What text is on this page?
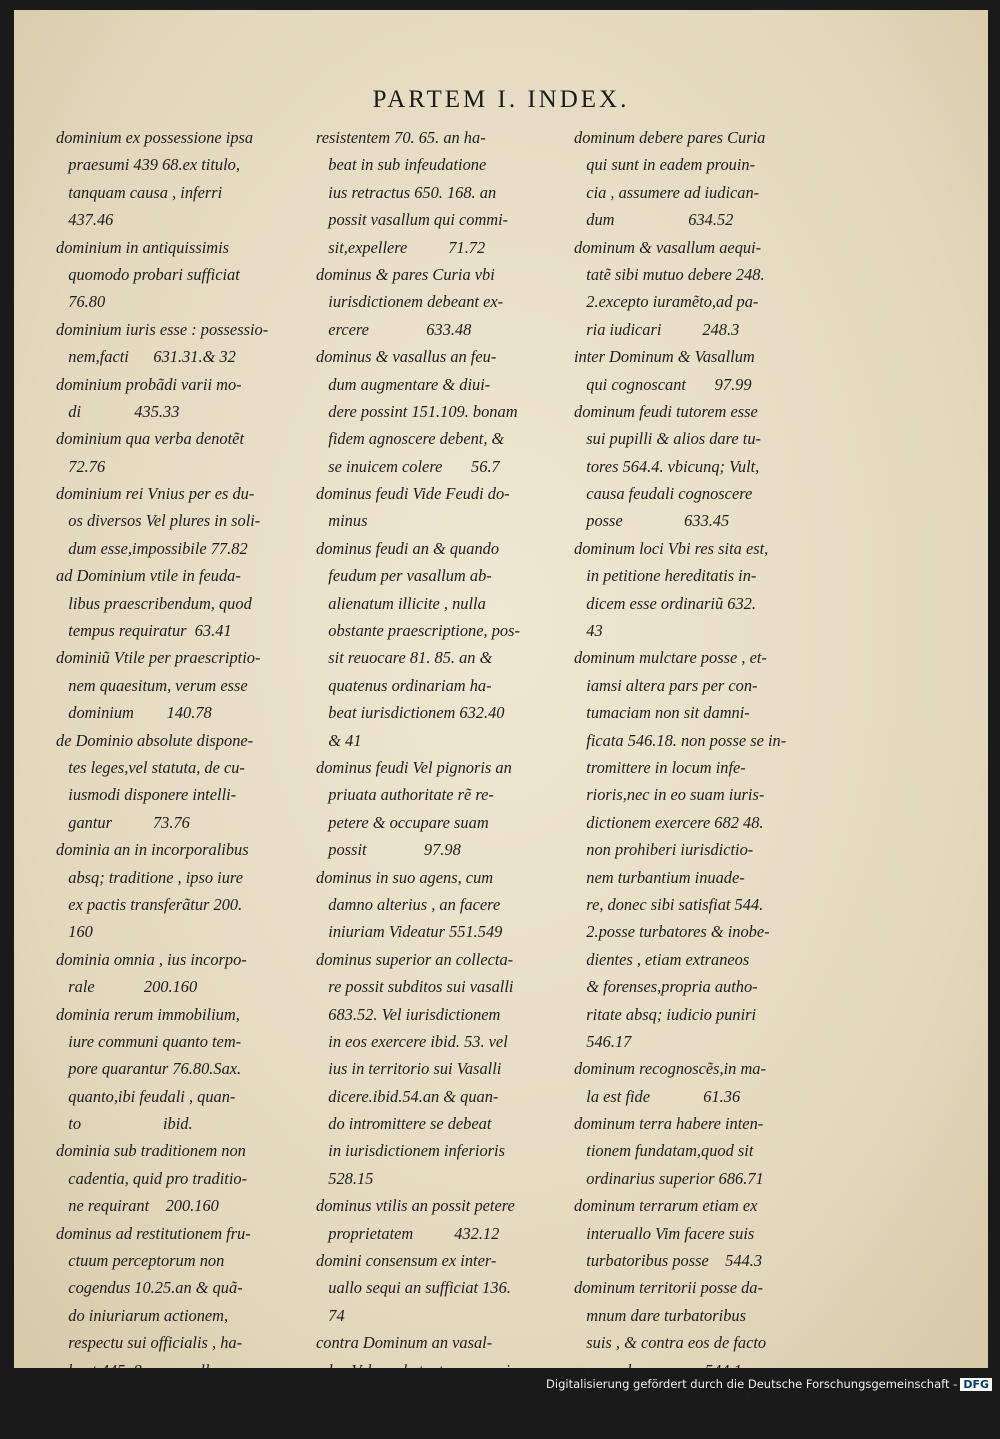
PARTEM I. INDEX.
dominium ex possessione ipsa
praesumi 439 68.ex titulo,
tanquam causa , inferri
437.46
dominium in antiquissimis
quomodo probari sufficiat
76.80
dominium iuris esse : possessio-
nem,facti      631.31.& 32
dominium probãdi varii mo-
di             435.33
dominium qua verba denotẽt
72.76
dominium rei Vnius per es du-
os diversos Vel plures in soli-
dum esse,impossibile 77.82
ad Dominium vtile in feuda-
libus praescribendum, quod
tempus requiratur  63.41
dominiũ Vtile per praescriptio-
nem quaesitum, verum esse
dominium        140.78
de Dominio absolute dispone-
tes leges,vel statuta, de cu-
iusmodi disponere intelli-
gantur          73.76
dominia an in incorporalibus
absq; traditione , ipso iure
ex pactis transferãtur 200.
160
dominia omnia , ius incorpo-
rale            200.160
dominia rerum immobilium,
iure communi quanto tem-
pore quarantur 76.80.Sax.
quanto,ibi feudali , quan-
to                    ibid.
dominia sub traditionem non
cadentia, quid pro traditio-
ne requirant    200.160
dominus ad restitutionem fru-
ctuum perceptorum non
cogendus 10.25.an & quã-
do iniuriarum actionem,
respectu sui officialis , ha-
beat 445. 8. an expellere
detentorem possit, iniuste
resistentem 70. 65. an ha-
beat in sub infeudatione
ius retractus 650. 168. an
possit vasallum qui commi-
sit,expellere          71.72
dominus & pares Curia vbi
iurisdictionem debeant ex-
ercere              633.48
dominus & vasallus an feu-
dum augmentare & diui-
dere possint 151.109. bonam
fidem agnoscere debent, &
se inuicem colere       56.7
dominus feudi Vide Feudi do-
minus
dominus feudi an & quando
feudum per vasallum ab-
alienatum illicite , nulla
obstante praescriptione, pos-
sit reuocare 81. 85. an &
quatenus ordinariam ha-
beat iurisdictionem 632.40
& 41
dominus feudi Vel pignoris an
priuata authoritate rẽ re-
petere & occupare suam
possit              97.98
dominus in suo agens, cum
damno alterius , an facere
iniuriam Videatur 551.549
dominus superior an collecta-
re possit subditos sui vasalli
683.52. Vel iurisdictionem
in eos exercere ibid. 53. vel
ius in territorio sui Vasalli
dicere.ibid.54.an & quan-
do intromittere se debeat
in iurisdictionem inferioris
528.15
dominus vtilis an possit petere
proprietatem          432.12
domini consensum ex inter-
uallo sequi an sufficiat 136.
74
contra Dominum an vasal-
lus Vel emphyteuta praescri-
bat                   61.35
dominum debere pares Curia
qui sunt in eadem prouin-
cia , assumere ad iudican-
dum                  634.52
dominum & vasallum aequi-
tatẽ sibi mutuo debere 248.
2.excepto iuramẽto,ad pa-
ria iudicari          248.3
inter Dominum & Vasallum
qui cognoscant       97.99
dominum feudi tutorem esse
sui pupilli & alios dare tu-
tores 564.4. vbicunq; Vult,
causa feudali cognoscere
posse               633.45
dominum loci Vbi res sita est,
in petitione hereditatis in-
dicem esse ordinariũ 632.
43
dominum mulctare posse , et-
iamsi altera pars per con-
tumaciam non sit damni-
ficata 546.18. non posse se in-
tromittere in locum infe-
rioris,nec in eo suam iuris-
dictionem exercere 682 48.
non prohiberi iurisdictio-
nem turbantium inuade-
re, donec sibi satisfiat 544.
2.posse turbatores & inobe-
dientes , etiam extraneos
& forenses,propria autho-
ritate absq; iudicio puniri
546.17
dominum recognoscẽs,in ma-
la est fide             61.36
dominum terra habere inten-
tionem fundatam,quod sit
ordinarius superior 686.71
dominum terrarum etiam ex
interuallo Vim facere suis
turbatoribus posse    544.3
dominum territorii posse da-
mnum dare turbatoribus
suis , & contra eos de facto
procedere             544.1
dominũ Vtilem habere rei Vĩ-
dicatio-
Digitalisierung gefördert durch die Deutsche Forschungsgemeinschaft - DFG
